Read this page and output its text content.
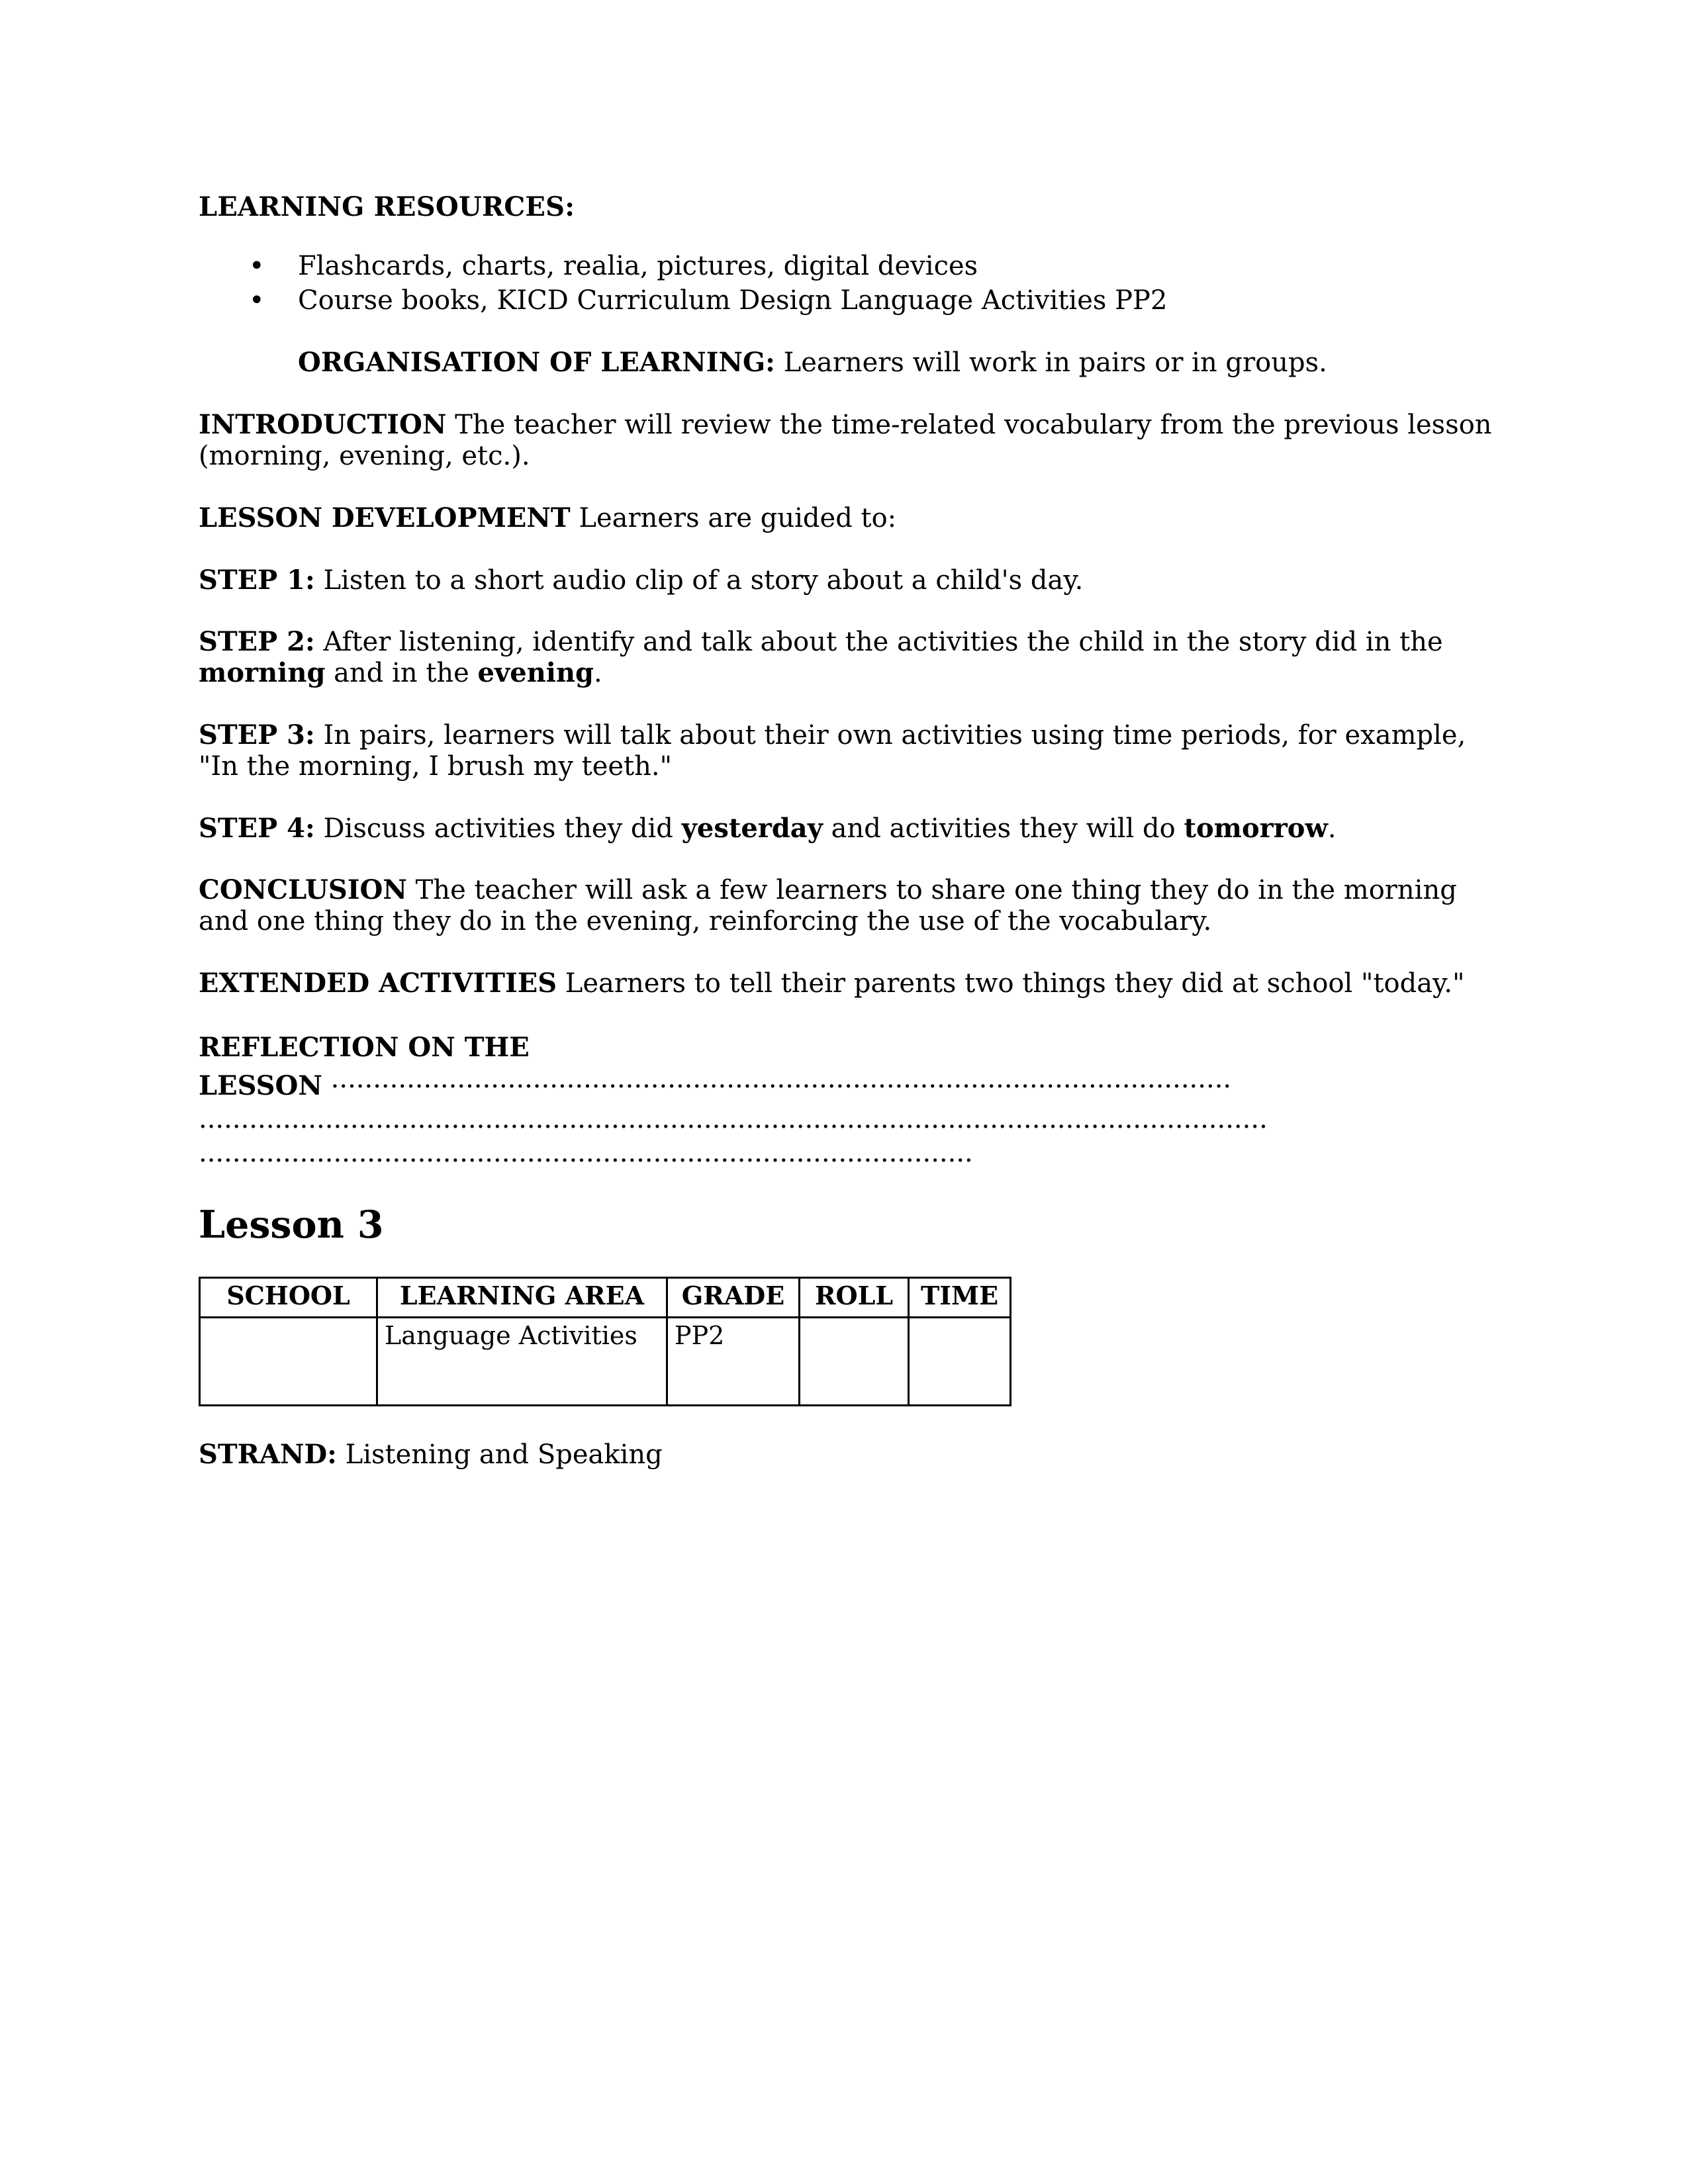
LEARNING RESOURCES:
• Flashcards, charts, realia, pictures, digital devices
• Course books, KICD Curriculum Design Language Activities PP2
ORGANISATION OF LEARNING: Learners will work in pairs or in groups.
INTRODUCTION The teacher will review the time-related vocabulary from the previous lesson (morning, evening, etc.).
LESSON DEVELOPMENT Learners are guided to:
STEP 1: Listen to a short audio clip of a story about a child's day.
STEP 2: After listening, identify and talk about the activities the child in the story did in the morning and in the evening.
STEP 3: In pairs, learners will talk about their own activities using time periods, for example, "In the morning, I brush my teeth."
STEP 4: Discuss activities they did yesterday and activities they will do tomorrow.
CONCLUSION The teacher will ask a few learners to share one thing they do in the morning and one thing they do in the evening, reinforcing the use of the vocabulary.
EXTENDED ACTIVITIES Learners to tell their parents two things they did at school "today."
REFLECTION ON THE
LESSON ...........................................................................................................
...............................................................................................................................
............................................................................................
Lesson 3
SCHOOL	LEARNING AREA	GRADE	ROLL	TIME
	Language Activities	PP2		
STRAND: Listening and Speaking
